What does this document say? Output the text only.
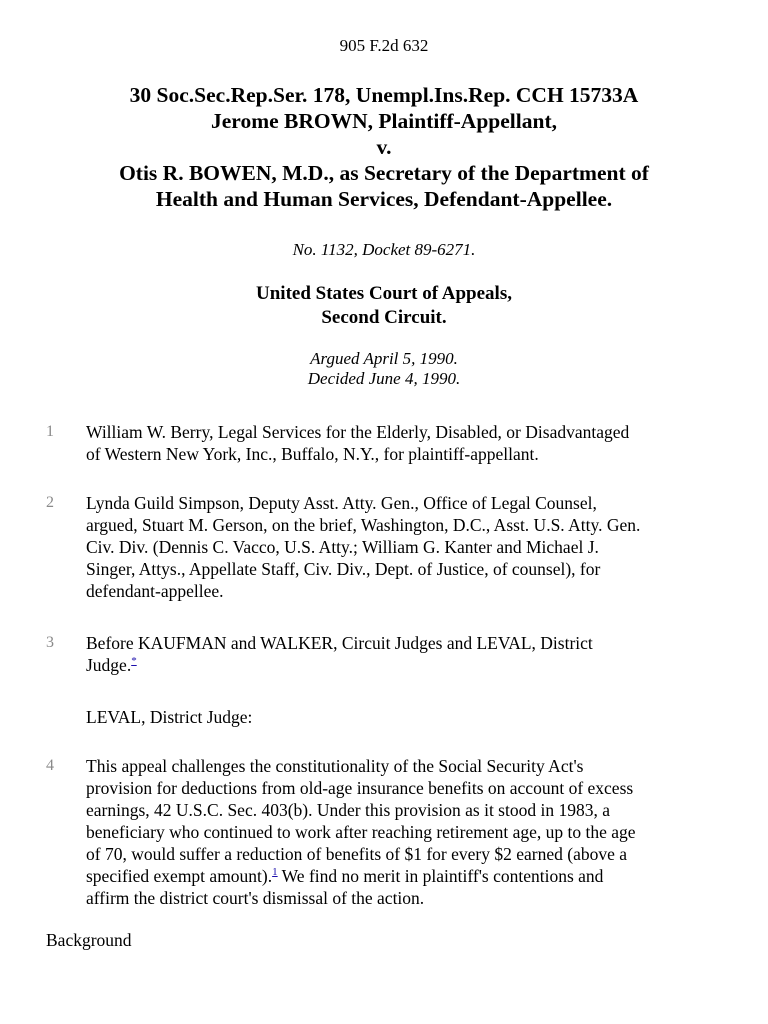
905 F.2d 632
30 Soc.Sec.Rep.Ser. 178, Unempl.Ins.Rep. CCH 15733A
Jerome BROWN, Plaintiff-Appellant,
v.
Otis R. BOWEN, M.D., as Secretary of the Department of
Health and Human Services, Defendant-Appellee.
No. 1132, Docket 89-6271.
United States Court of Appeals,
Second Circuit.
Argued April 5, 1990.
Decided June 4, 1990.
1 William W. Berry, Legal Services for the Elderly, Disabled, or Disadvantaged
of Western New York, Inc., Buffalo, N.Y., for plaintiff-appellant.
2 Lynda Guild Simpson, Deputy Asst. Atty. Gen., Office of Legal Counsel,
argued, Stuart M. Gerson, on the brief, Washington, D.C., Asst. U.S. Atty. Gen.
Civ. Div. (Dennis C. Vacco, U.S. Atty.; William G. Kanter and Michael J.
Singer, Attys., Appellate Staff, Civ. Div., Dept. of Justice, of counsel), for
defendant-appellee.
3 Before KAUFMAN and WALKER, Circuit Judges and LEVAL, District
Judge.*
LEVAL, District Judge:
4 This appeal challenges the constitutionality of the Social Security Act's
provision for deductions from old-age insurance benefits on account of excess
earnings, 42 U.S.C. Sec. 403(b). Under this provision as it stood in 1983, a
beneficiary who continued to work after reaching retirement age, up to the age
of 70, would suffer a reduction of benefits of $1 for every $2 earned (above a
specified exempt amount).$^1$ We find no merit in plaintiff's contentions and
affirm the district court's dismissal of the action.
Background
